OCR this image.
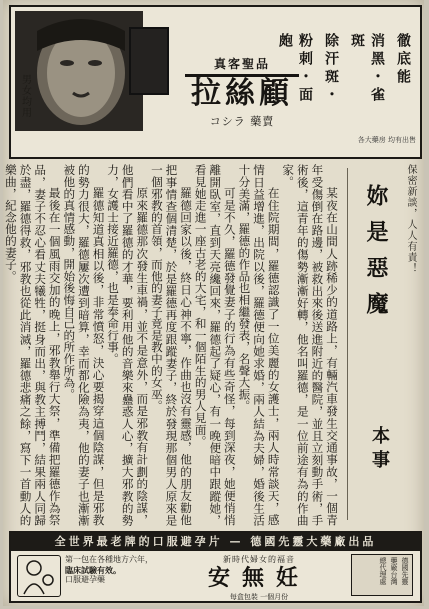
男女均用
真客聖品
拉絲顧
コシラ 藥賣
徹底能
消黑・雀斑
除汗斑・
粉刺・面皰
各大藥房 均有出售
保密新談，人人有責！
妳是惡魔
本事

某夜在山間人跡稀少的道路上，有輛汽車發生交通事故，一個青年受傷倒在路邊，被救出來後送進附近的醫院，並且立刻動手術，手術後，這青年的傷勢漸漸好轉，他名叫羅德，是一位前途有為的作曲家。

在住院期間，羅德認識了一位美麗的女護士，兩人時常談天，感情日益增進，出院以後，羅德便向她求婚，兩人結為夫婦，婚後生活十分美滿，羅德的作品也相繼發表，名聲大振。

可是不久，羅德發覺妻子的行為有些奇怪，每到深夜，她便悄悄離開臥室，直到天亮纔回來，羅德起了疑心，有一晚便暗中跟蹤她，看見她走進一座古老的大宅，和一個陌生的男人見面。

羅德回家以後，終日心神不寧，作曲也沒有靈感，他的朋友勸他把事情查個清楚，於是羅德再度跟蹤妻子，終於發現那個男人原來是一個邪教的首領，而他的妻子竟是教中的女巫。

原來羅德那次發生車禍，並不是意外，而是邪教有計劃的陰謀，他們看中了羅德的才華，要利用他的音樂來蠱惑人心，擴大邪教的勢力，女護士接近羅德，也是奉命行事。

羅德知道真相以後，非常憤怒，決心要揭穿這個陰謀，但是邪教的勢力很大，羅德屢次遭到暗算，幸而都化險為夷，他的妻子也漸漸被他的真情感動，開始後悔自己的所作所為。

最後在一個風雨交加的晚上，邪教舉行大祭，準備把羅德作為祭品，妻子不忍心看丈夫犧牲，挺身而出，與教主搏鬥，結果兩人同歸於盡，羅德得救，邪教也從此消滅，羅德悲痛之餘，寫下一首動人的樂曲，紀念他的妻子。

全世界最老牌的口服避孕片 — 德國先靈大藥廠出品
第一包在各種地方六年，
臨床試驗有效。
口服避孕藥
新時代婦女的福音
安無妊
每盒包裝 一個月份
德國先靈
藥廠台灣
總代理處
